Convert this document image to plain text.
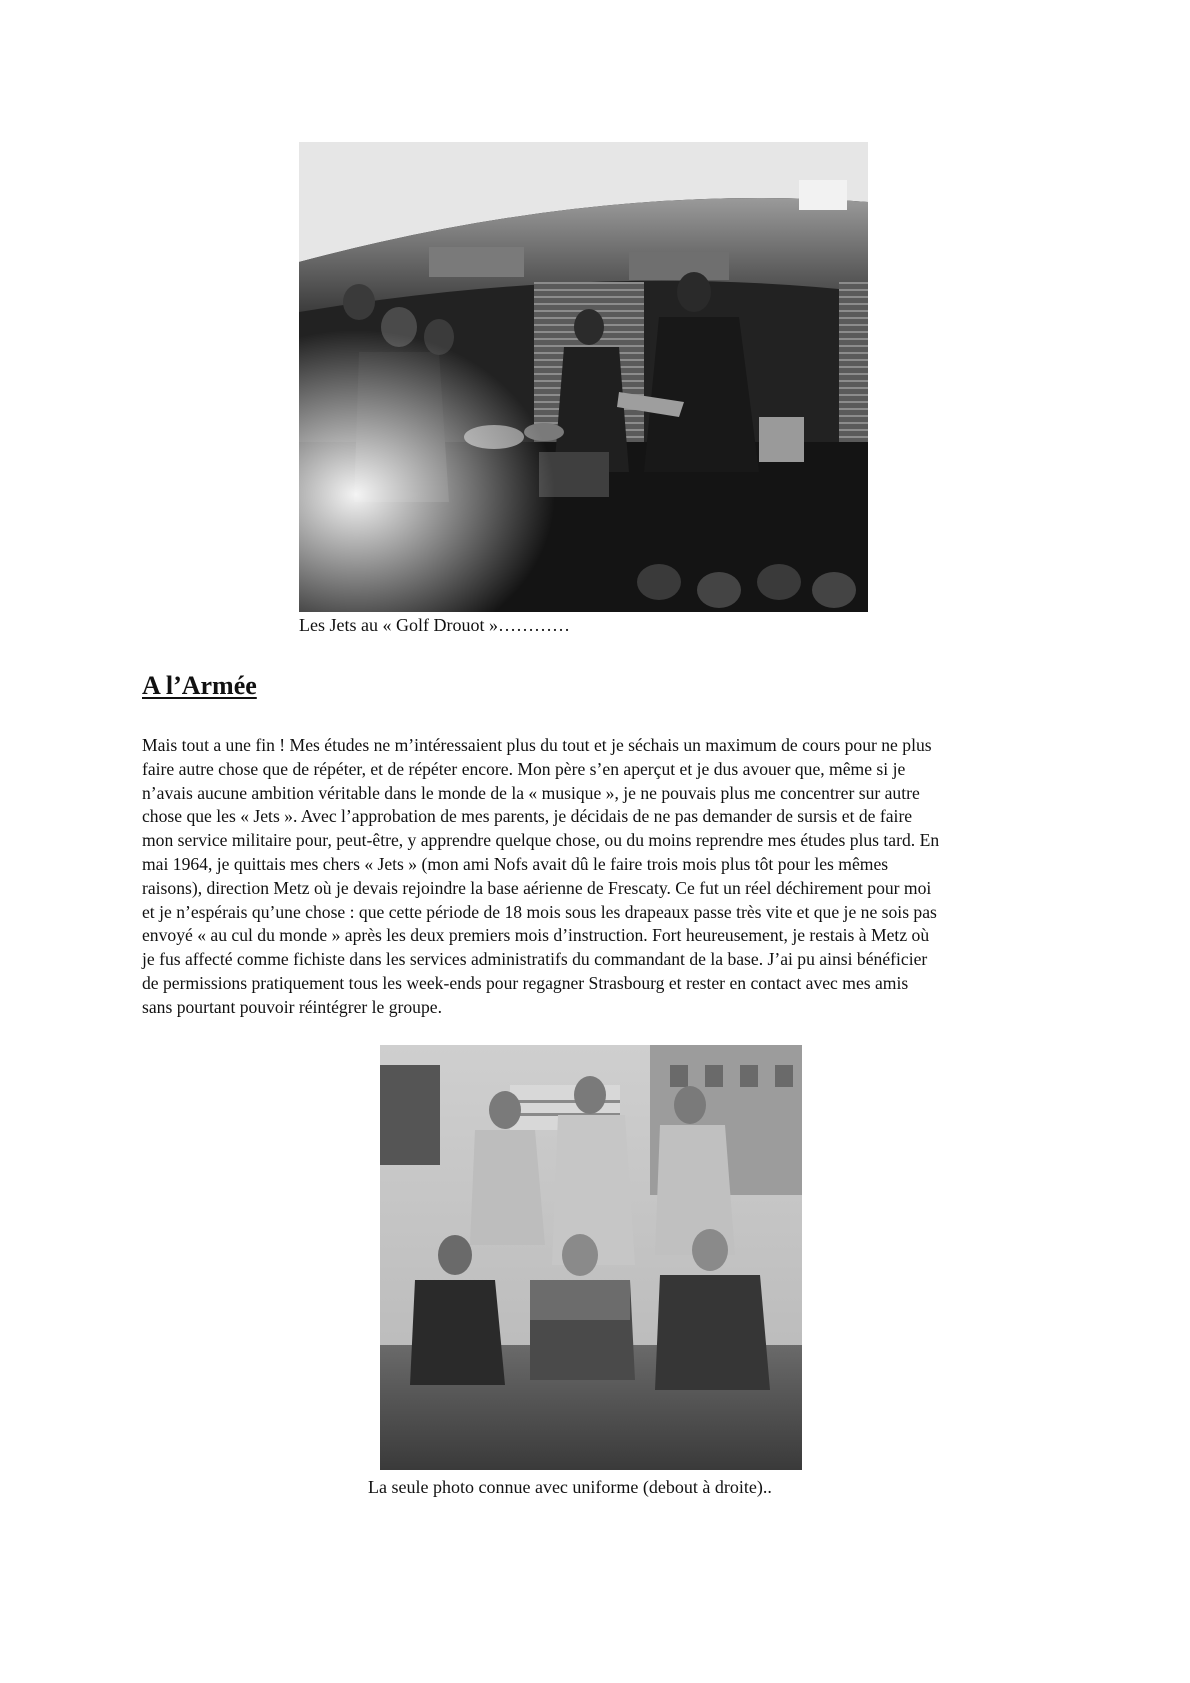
Les Jets au « Golf Drouot »…………
A l’Armée

Mais tout a une fin ! Mes études ne m’intéressaient plus du tout et je séchais un maximum de cours pour ne plus
faire autre chose que de répéter, et de répéter encore. Mon père s’en aperçut et je dus avouer que, même si je
n’avais aucune ambition véritable dans le monde de la « musique », je ne pouvais plus me concentrer sur autre
chose que les « Jets ». Avec l’approbation de mes parents, je décidais de ne pas demander de sursis et de faire
mon service militaire pour, peut-être, y apprendre quelque chose, ou du moins reprendre mes études plus tard. En
mai 1964, je quittais mes chers « Jets » (mon ami Nofs avait dû le faire trois mois plus tôt pour les mêmes
raisons), direction Metz où je devais rejoindre la base aérienne de Frescaty. Ce fut un réel déchirement pour moi
et je n’espérais qu’une chose : que cette période de 18 mois sous les drapeaux passe très vite et que je ne sois pas
envoyé « au cul du monde » après les deux premiers mois d’instruction. Fort heureusement, je restais à Metz où
je fus affecté comme fichiste dans les services administratifs du commandant de la base. J’ai pu ainsi bénéficier
de permissions pratiquement tous les week-ends pour regagner Strasbourg et rester en contact avec mes amis
sans pourtant pouvoir réintégrer le groupe.

La seule photo connue avec uniforme (debout à droite)..
